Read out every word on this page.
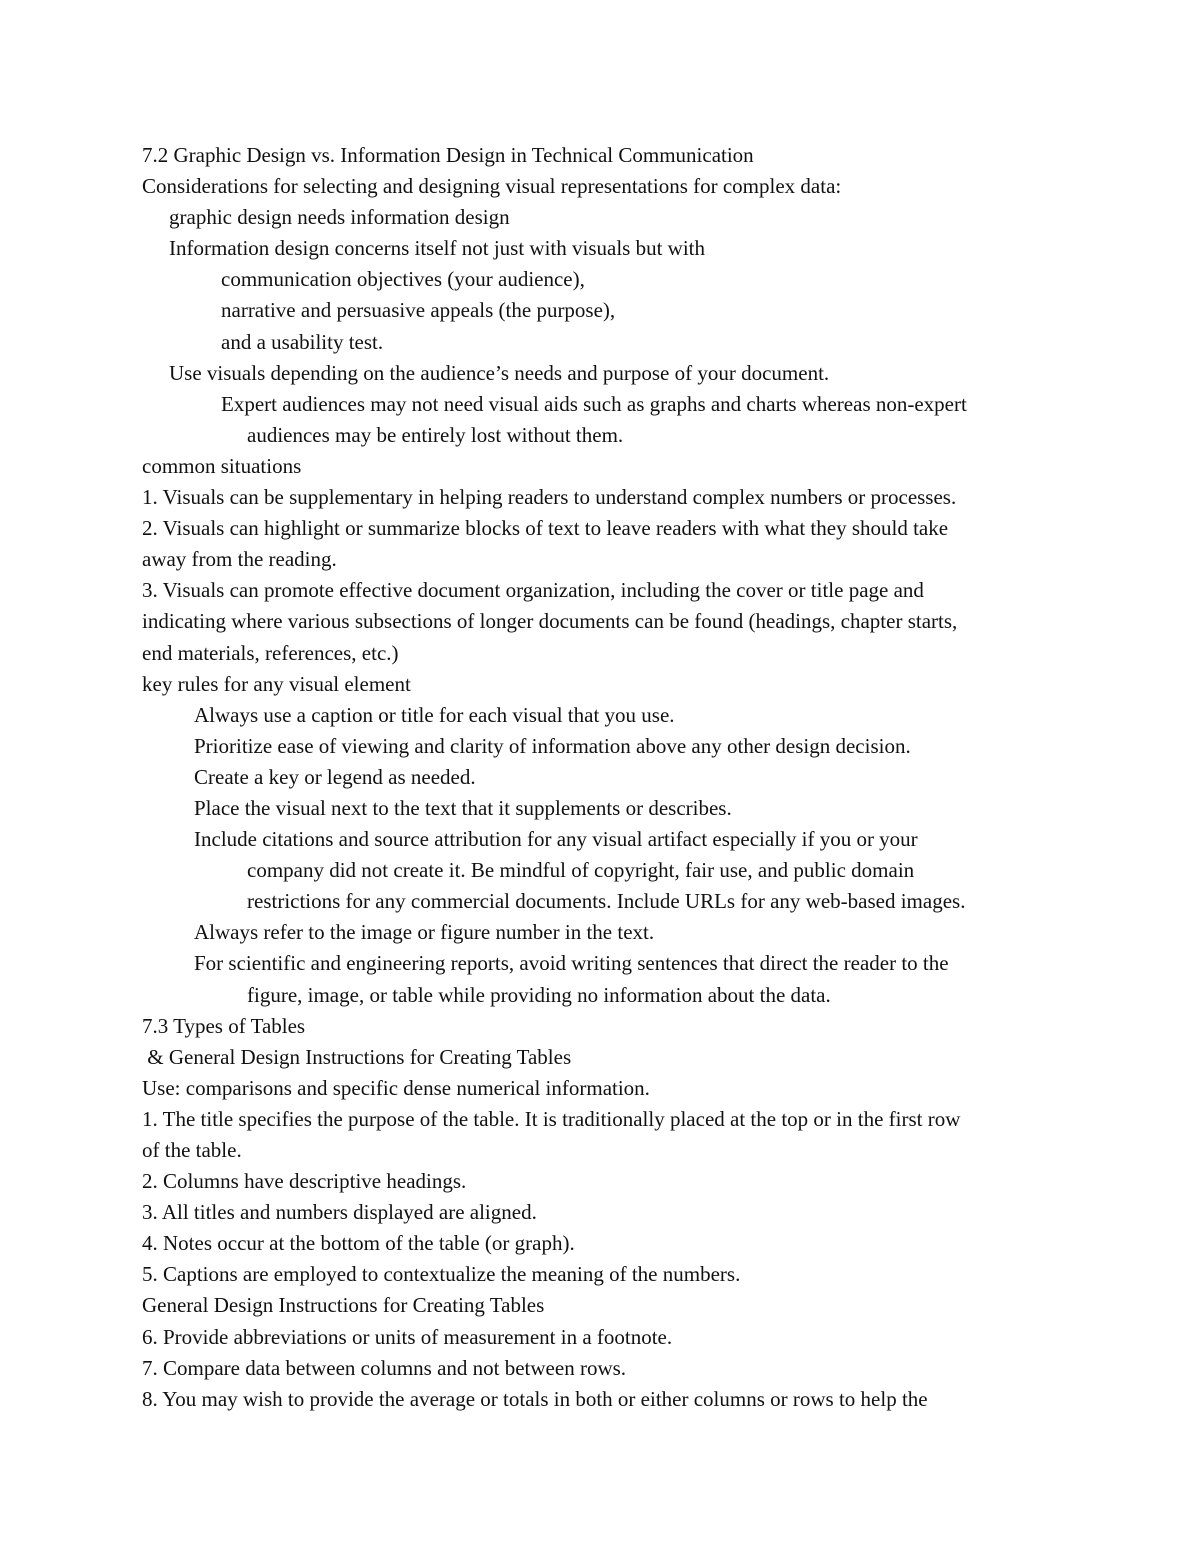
7.2 Graphic Design vs. Information Design in Technical Communication
Considerations for selecting and designing visual representations for complex data:
graphic design needs information design
Information design concerns itself not just with visuals but with
communication objectives (your audience),
narrative and persuasive appeals (the purpose),
and a usability test.
Use visuals depending on the audience’s needs and purpose of your document.
Expert audiences may not need visual aids such as graphs and charts whereas non-expert
audiences may be entirely lost without them.
common situations
1. Visuals can be supplementary in helping readers to understand complex numbers or processes.
2. Visuals can highlight or summarize blocks of text to leave readers with what they should take
away from the reading.
3. Visuals can promote effective document organization, including the cover or title page and
indicating where various subsections of longer documents can be found (headings, chapter starts,
end materials, references, etc.)
key rules for any visual element
Always use a caption or title for each visual that you use.
Prioritize ease of viewing and clarity of information above any other design decision.
Create a key or legend as needed.
Place the visual next to the text that it supplements or describes.
Include citations and source attribution for any visual artifact especially if you or your
company did not create it. Be mindful of copyright, fair use, and public domain
restrictions for any commercial documents. Include URLs for any web-based images.
Always refer to the image or figure number in the text.
For scientific and engineering reports, avoid writing sentences that direct the reader to the
figure, image, or table while providing no information about the data.
7.3 Types of Tables
& General Design Instructions for Creating Tables
Use: comparisons and specific dense numerical information.
1. The title specifies the purpose of the table. It is traditionally placed at the top or in the first row
of the table.
2. Columns have descriptive headings.
3. All titles and numbers displayed are aligned.
4. Notes occur at the bottom of the table (or graph).
5. Captions are employed to contextualize the meaning of the numbers.
General Design Instructions for Creating Tables
6. Provide abbreviations or units of measurement in a footnote.
7. Compare data between columns and not between rows.
8. You may wish to provide the average or totals in both or either columns or rows to help the
